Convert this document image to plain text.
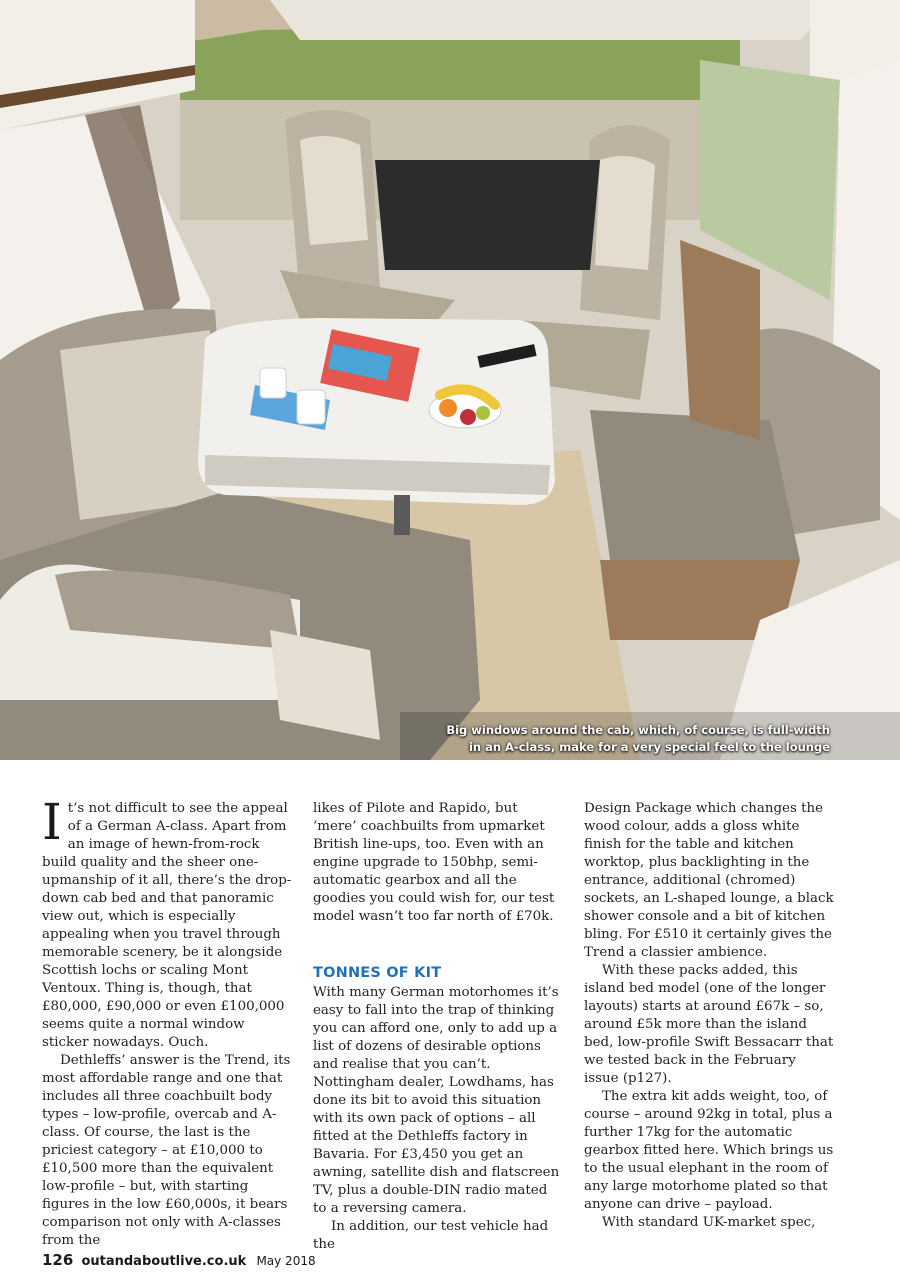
Big windows around the cab, which, of course, is full-width
in an A-class, make for a very special feel to the lounge

It’s not difficult to see the appeal of a German A-class. Apart from an image of hewn-from-rock build quality and the sheer one-upmanship of it all, there’s the drop-down cab bed and that panoramic view out, which is especially appealing when you travel through memorable scenery, be it alongside Scottish lochs or scaling Mont Ventoux. Thing is, though, that £80,000, £90,000 or even £100,000 seems quite a normal window sticker nowadays. Ouch.

Dethleffs’ answer is the Trend, its most affordable range and one that includes all three coachbuilt body types – low-profile, overcab and A-class. Of course, the last is the priciest category – at £10,000 to £10,500 more than the equivalent low-profile – but, with starting figures in the low £60,000s, it bears comparison not only with A-classes from the

likes of Pilote and Rapido, but ‘mere’ coachbuilts from upmarket British line-ups, too. Even with an engine upgrade to 150bhp, semi-automatic gearbox and all the goodies you could wish for, our test model wasn’t too far north of £70k.

TONNES OF KIT

With many German motorhomes it’s easy to fall into the trap of thinking you can afford one, only to add up a list of dozens of desirable options and realise that you can’t. Nottingham dealer, Lowdhams, has done its bit to avoid this situation with its own pack of options – all fitted at the Dethleffs factory in Bavaria. For £3,450 you get an awning, satellite dish and flatscreen TV, plus a double-DIN radio mated to a reversing camera.

In addition, our test vehicle had the

Design Package which changes the wood colour, adds a gloss white finish for the table and kitchen worktop, plus backlighting in the entrance, additional (chromed) sockets, an L-shaped lounge, a black shower console and a bit of kitchen bling. For £510 it certainly gives the Trend a classier ambience.

With these packs added, this island bed model (one of the longer layouts) starts at around £67k – so, around £5k more than the island bed, low-profile Swift Bessacarr that we tested back in the February issue (p127).

The extra kit adds weight, too, of course – around 92kg in total, plus a further 17kg for the automatic gearbox fitted here. Which brings us to the usual elephant in the room of any large motorhome plated so that anyone can drive – payload.

With standard UK-market spec,

126 outandaboutlive.co.uk May 2018
